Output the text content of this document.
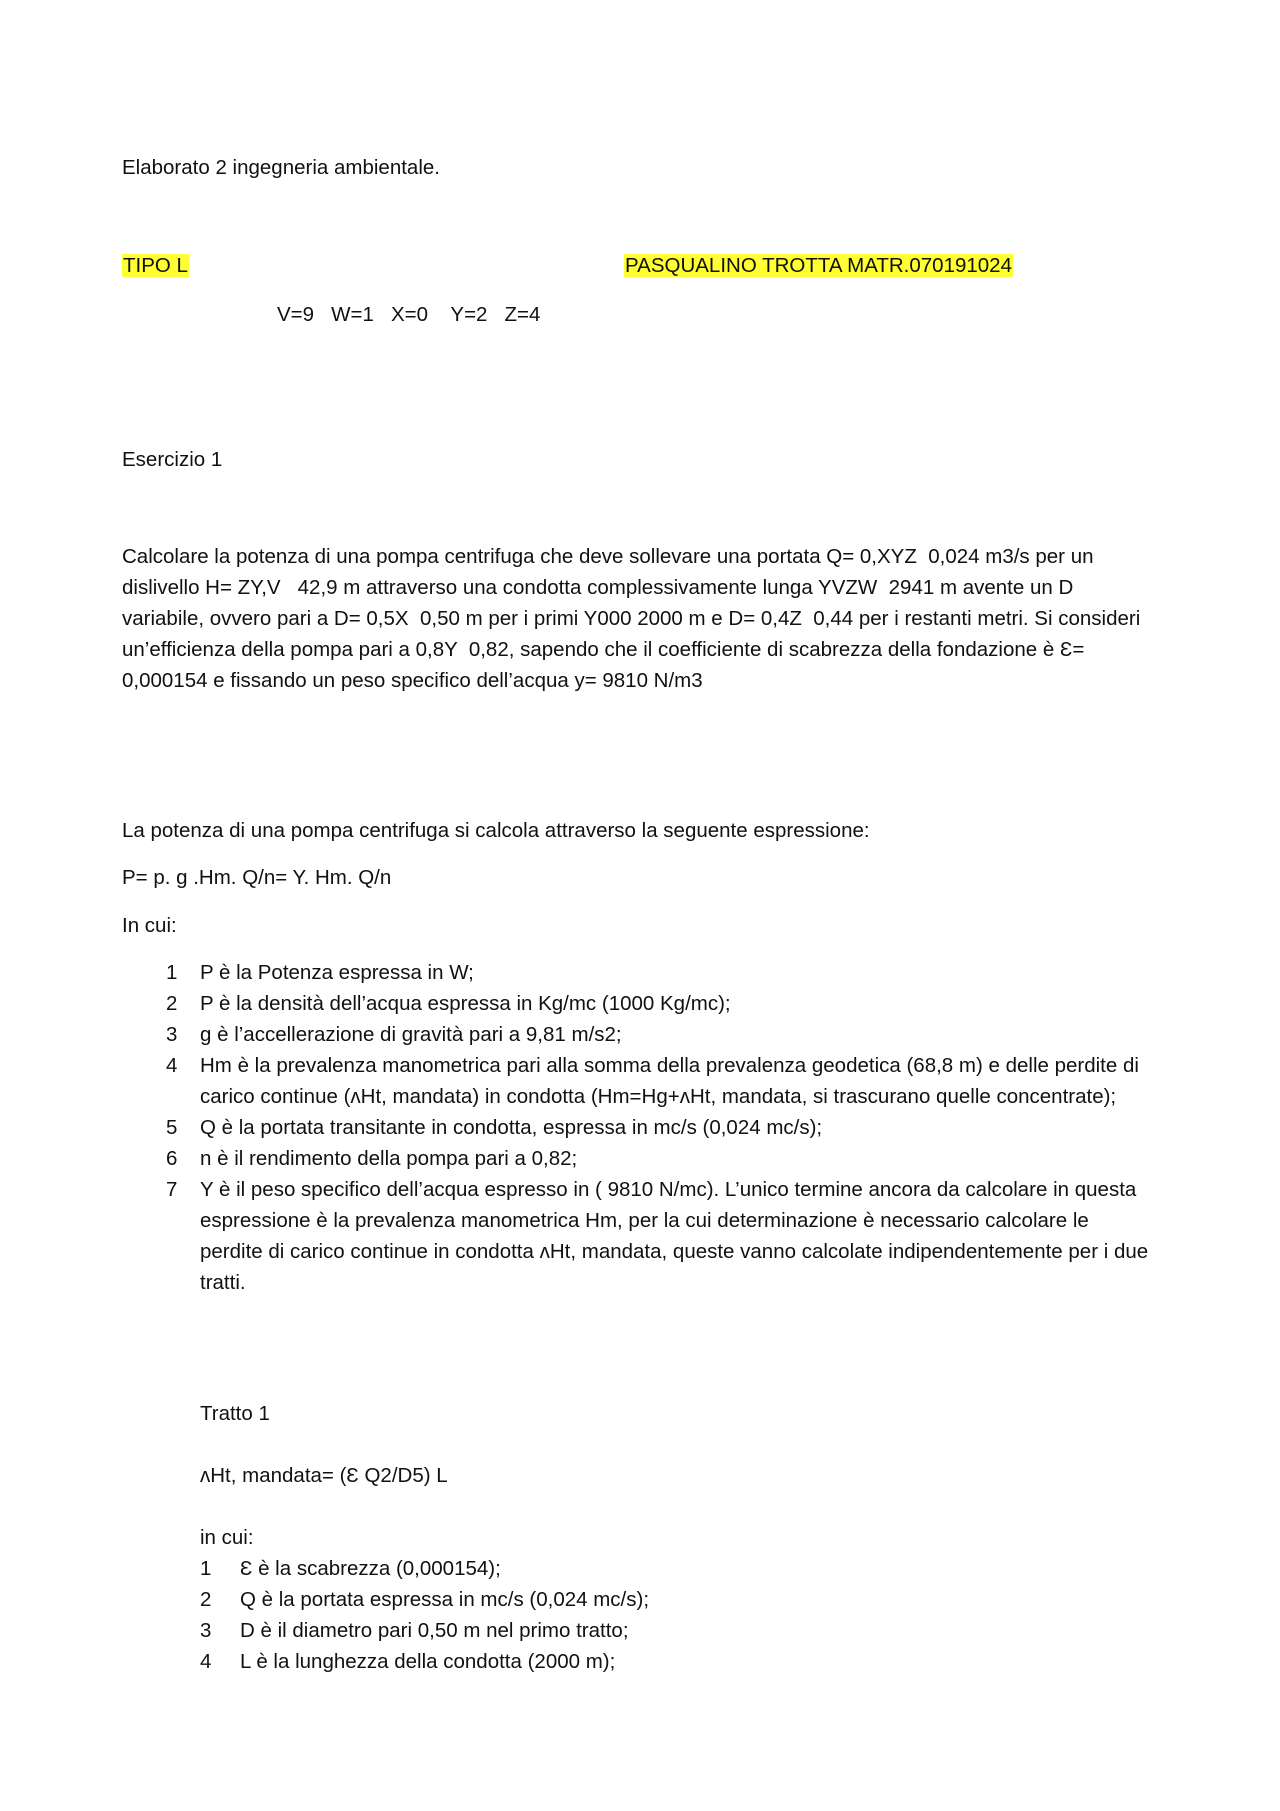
Elaborato 2 ingegneria ambientale.

TIPO L	PASQUALINO TROTTA MATR.070191024

V=9   W=1   X=0    Y=2   Z=4

Esercizio 1

Calcolare la potenza di una pompa centrifuga che deve sollevare una portata Q= 0,XYZ  0,024 m3/s per un dislivello H= ZY,V   42,9 m attraverso una condotta complessivamente lunga YVZW  2941 m avente un D variabile, ovvero pari a D= 0,5X  0,50 m per i primi Y000 2000 m e D= 0,4Z  0,44 per i restanti metri. Si consideri un’efficienza della pompa pari a 0,8Y  0,82, sapendo che il coefficiente di scabrezza della fondazione è Ɛ= 0,000154 e fissando un peso specifico dell’acqua y= 9810 N/m3

La potenza di una pompa centrifuga si calcola attraverso la seguente espressione:

P= p. g .Hm. Q/n= Y. Hm. Q/n

In cui:

1 P è la Potenza espressa in W;
2 P è la densità dell’acqua espressa in Kg/mc (1000 Kg/mc);
3 g è l’accellerazione di gravità pari a 9,81 m/s2;
4 Hm è la prevalenza manometrica pari alla somma della prevalenza geodetica (68,8 m) e delle perdite di carico continue (ʌHt, mandata) in condotta (Hm=Hg+ʌHt, mandata, si trascurano quelle concentrate);
5 Q è la portata transitante in condotta, espressa in mc/s (0,024 mc/s);
6 n è il rendimento della pompa pari a 0,82;
7 Y è il peso specifico dell’acqua espresso in ( 9810 N/mc). L’unico termine ancora da calcolare in questa espressione è la prevalenza manometrica Hm, per la cui determinazione è necessario calcolare le perdite di carico continue in condotta ʌHt, mandata, queste vanno calcolate indipendentemente per i due tratti.

Tratto 1

ʌHt, mandata= (Ɛ Q2/D5) L

in cui:

1 Ɛ è la scabrezza (0,000154);
2 Q è la portata espressa in mc/s (0,024 mc/s);
3 D è il diametro pari 0,50 m nel primo tratto;
4 L è la lunghezza della condotta (2000 m);
